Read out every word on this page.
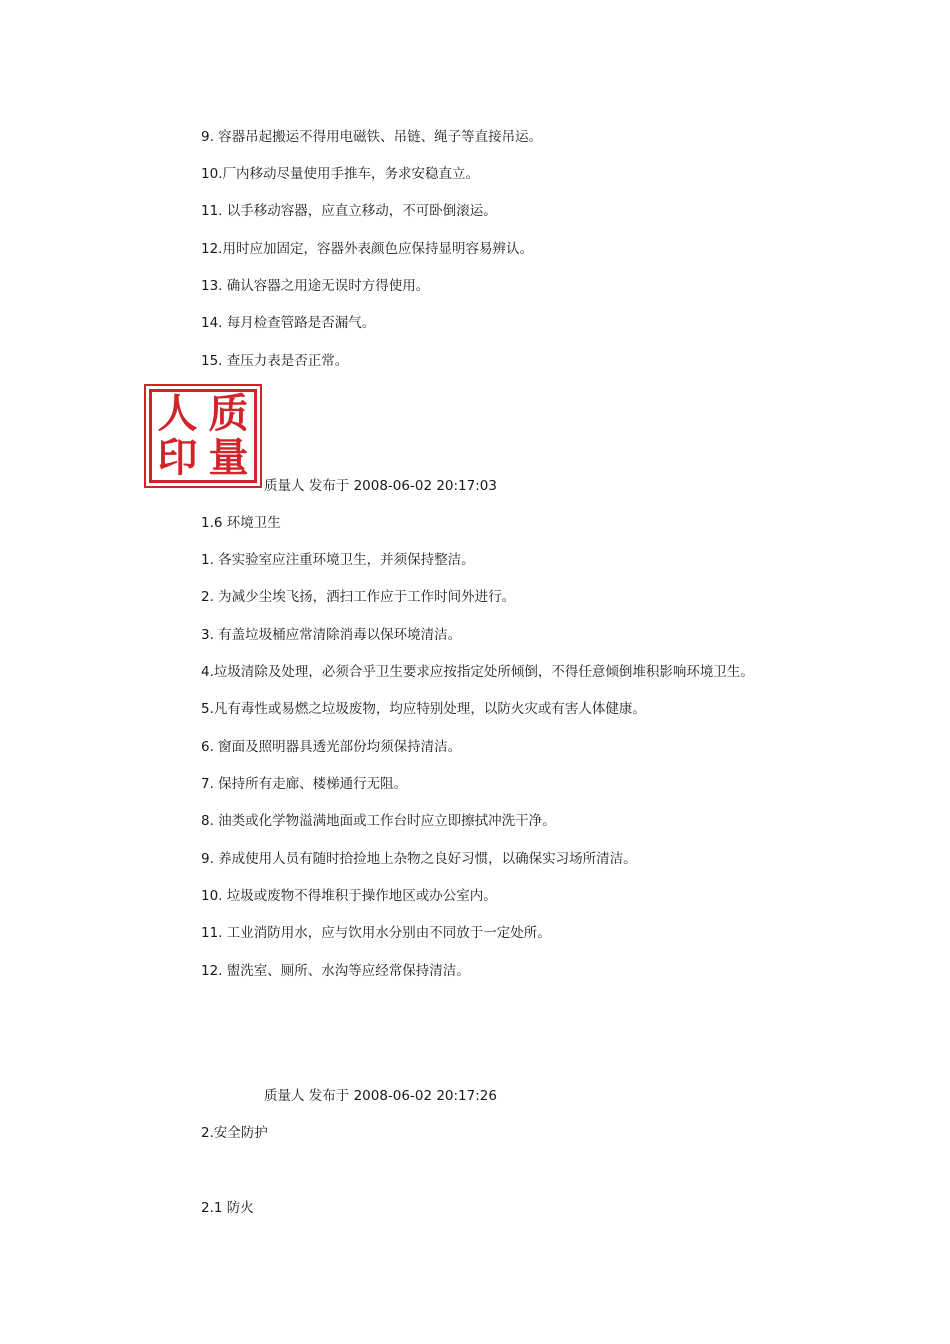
9. 容器吊起搬运不得用电磁铁、吊链、绳子等直接吊运。
10.厂内移动尽量使用手推车，务求安稳直立。
11. 以手移动容器，应直立移动，不可卧倒滚运。
12.用时应加固定，容器外表颜色应保持显明容易辨认。
13. 确认容器之用途无误时方得使用。
14. 每月检查管路是否漏气。
15. 查压力表是否正常。
人 质
印 量
质量人 发布于 2008-06-02 20:17:03
1.6 环境卫生
1. 各实验室应注重环境卫生，并须保持整洁。
2. 为减少尘埃飞扬，洒扫工作应于工作时间外进行。
3. 有盖垃圾桶应常清除消毒以保环境清洁。
4.垃圾清除及处理，必须合乎卫生要求应按指定处所倾倒，不得任意倾倒堆积影响环境卫生。
5.凡有毒性或易燃之垃圾废物，均应特别处理，以防火灾或有害人体健康。
6. 窗面及照明器具透光部份均须保持清洁。
7. 保持所有走廊、楼梯通行无阻。
8. 油类或化学物溢满地面或工作台时应立即擦拭冲洗干净。
9. 养成使用人员有随时拾捡地上杂物之良好习惯，以确保实习场所清洁。
10. 垃圾或废物不得堆积于操作地区或办公室内。
11. 工业消防用水，应与饮用水分别由不同放于一定处所。
12. 盥洗室、厕所、水沟等应经常保持清洁。
质量人 发布于 2008-06-02 20:17:26
2.安全防护
2.1 防火
